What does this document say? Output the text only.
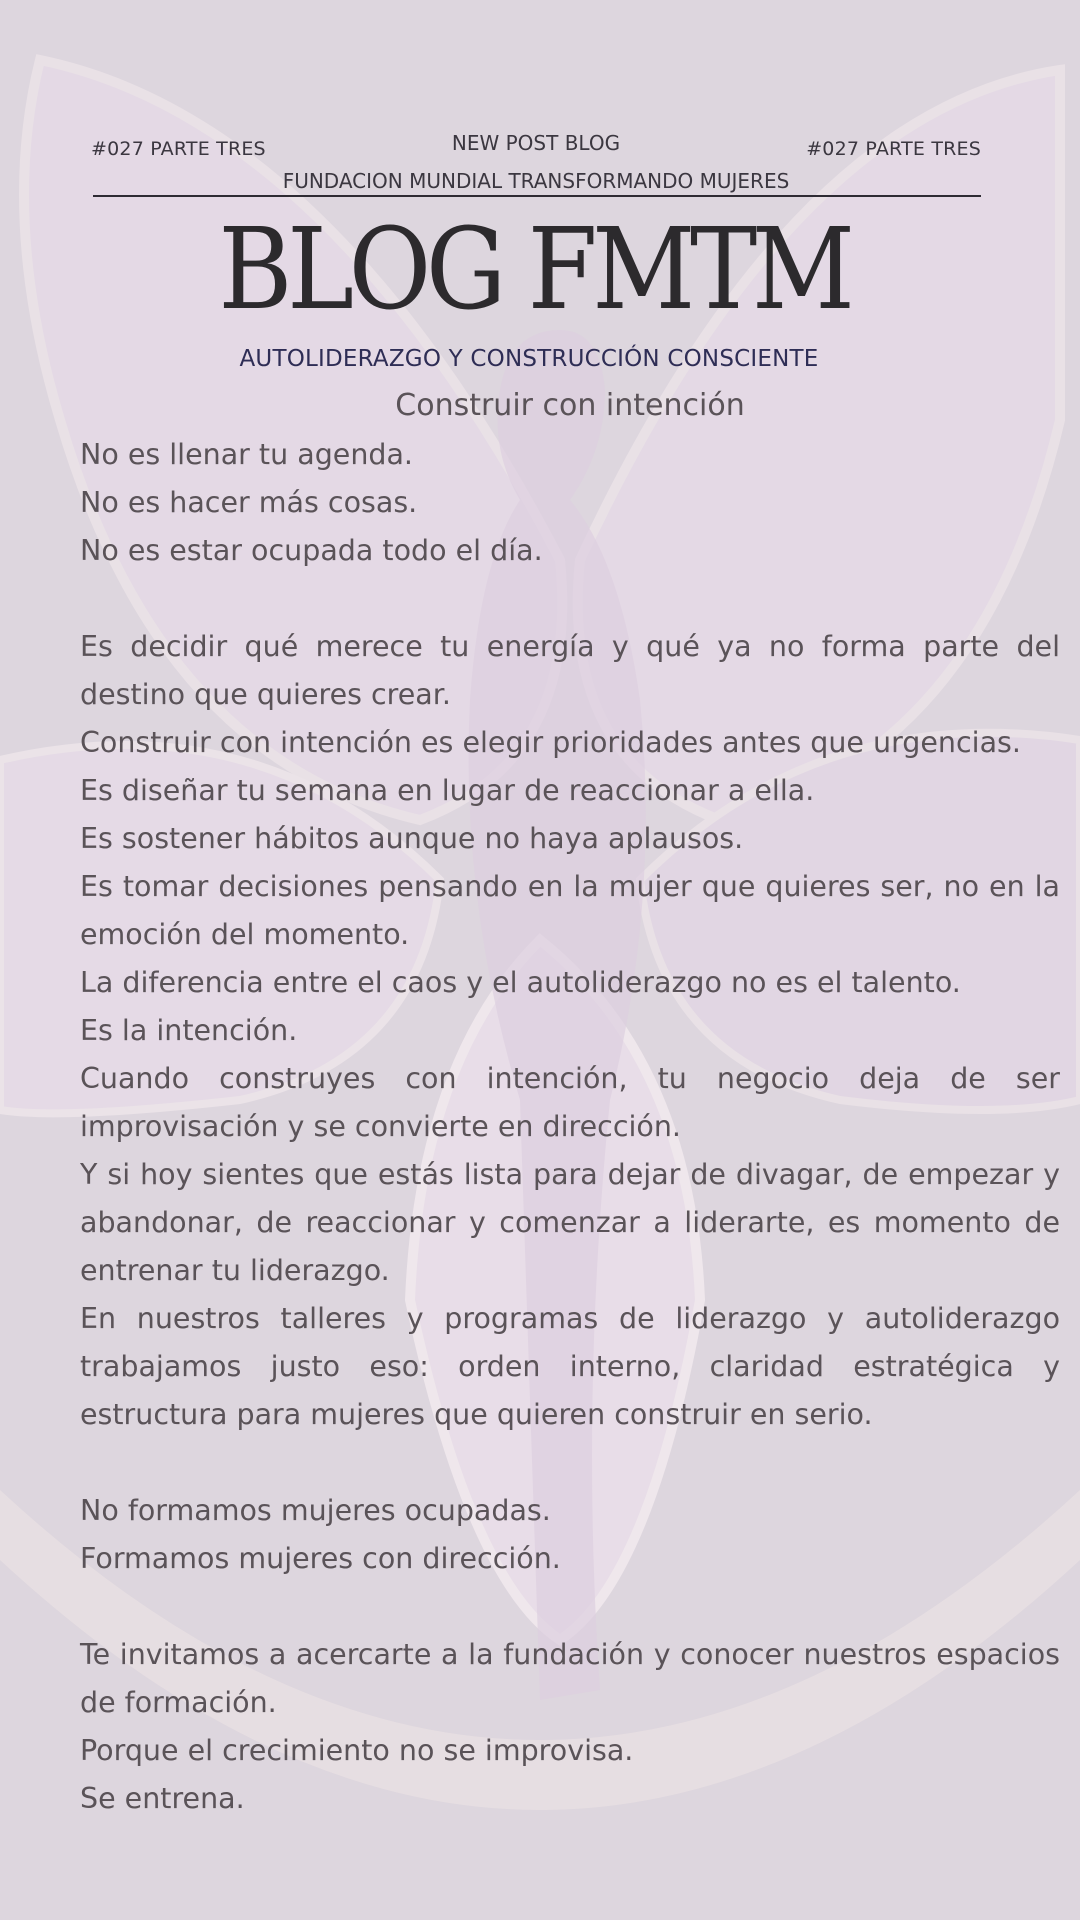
#027 PARTE TRES	NEW POST BLOG	#027 PARTE TRES
FUNDACION MUNDIAL TRANSFORMANDO MUJERES
BLOG FMTM
AUTOLIDERAZGO Y CONSTRUCCIÓN CONSCIENTE
Construir con intención

No es llenar tu agenda.
No es hacer más cosas.
No es estar ocupada todo el día.

Es decidir qué merece tu energía y qué ya no forma parte del destino que quieres crear.

Construir con intención es elegir prioridades antes que urgencias.
Es diseñar tu semana en lugar de reaccionar a ella.
Es sostener hábitos aunque no haya aplausos.

Es tomar decisiones pensando en la mujer que quieres ser, no en la emoción del momento.

La diferencia entre el caos y el autoliderazgo no es el talento.
Es la intención.

Cuando construyes con intención, tu negocio deja de ser improvisación y se convierte en dirección.

Y si hoy sientes que estás lista para dejar de divagar, de empezar y abandonar, de reaccionar y comenzar a liderarte, es momento de entrenar tu liderazgo.

En nuestros talleres y programas de liderazgo y autoliderazgo trabajamos justo eso: orden interno, claridad estratégica y estructura para mujeres que quieren construir en serio.

No formamos mujeres ocupadas.
Formamos mujeres con dirección.

Te invitamos a acercarte a la fundación y conocer nuestros espacios de formación.
Porque el crecimiento no se improvisa.
Se entrena.
